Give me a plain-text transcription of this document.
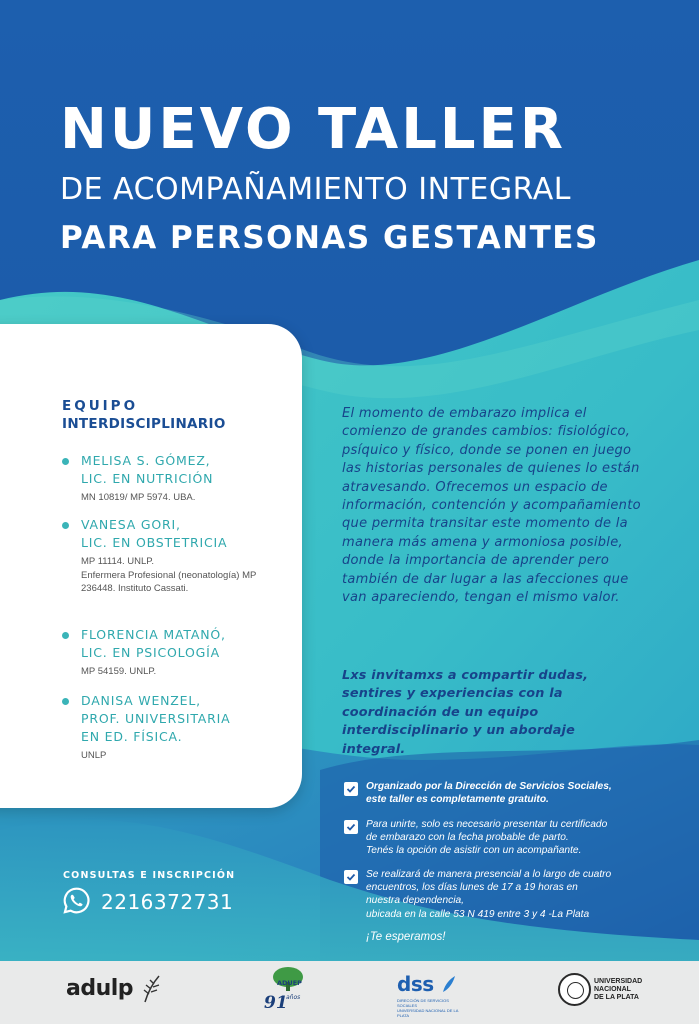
NUEVO TALLER
DE ACOMPAÑAMIENTO INTEGRAL
PARA PERSONAS GESTANTES
EQUIPO
INTERDISCIPLINARIO
MELISA S. GÓMEZ,
LIC. EN NUTRICIÓN
MN 10819/ MP 5974. UBA.
VANESA GORI,
LIC. EN OBSTETRICIA
MP 11114. UNLP.
Enfermera Profesional (neonatología) MP 236448. Instituto Cassati.
FLORENCIA MATANÓ,
LIC. EN PSICOLOGÍA
MP 54159. UNLP.
DANISA WENZEL,
PROF. UNIVERSITARIA
EN ED. FÍSICA.
UNLP
El momento de embarazo implica el comienzo de grandes cambios: fisiológico, psíquico y físico, donde se ponen en juego las historias personales de quienes lo están atravesando. Ofrecemos un espacio de información, contención y acompañamiento que permita transitar este momento de la manera más amena y armoniosa posible, donde la importancia de aprender pero también de dar lugar a las afecciones que van apareciendo, tengan el mismo valor.
Lxs invitamxs a compartir dudas, sentires y experiencias con la coordinación de un equipo interdisciplinario y un abordaje integral.
Organizado por la Dirección de Servicios Sociales,
este taller es completamente gratuito.
Para unirte, solo es necesario presentar tu certificado
de embarazo con la fecha probable de parto.
Tenés la opción de asistir con un acompañante.
Se realizará de manera presencial a lo largo de cuatro
encuentros, los días lunes de 17 a 19 horas en
nuestra dependencia,
ubicada en la calle 53 N 419 entre 3 y 4 -La Plata
¡Te esperamos!
CONSULTAS E INSCRIPCIÓN
2216372731
adulp	ADUEP
91
años
dss
DIRECCIÓN DE SERVICIOS SOCIALES
UNIVERSIDAD NACIONAL DE LA PLATA
UNIVERSIDAD
NACIONAL
DE LA PLATA
